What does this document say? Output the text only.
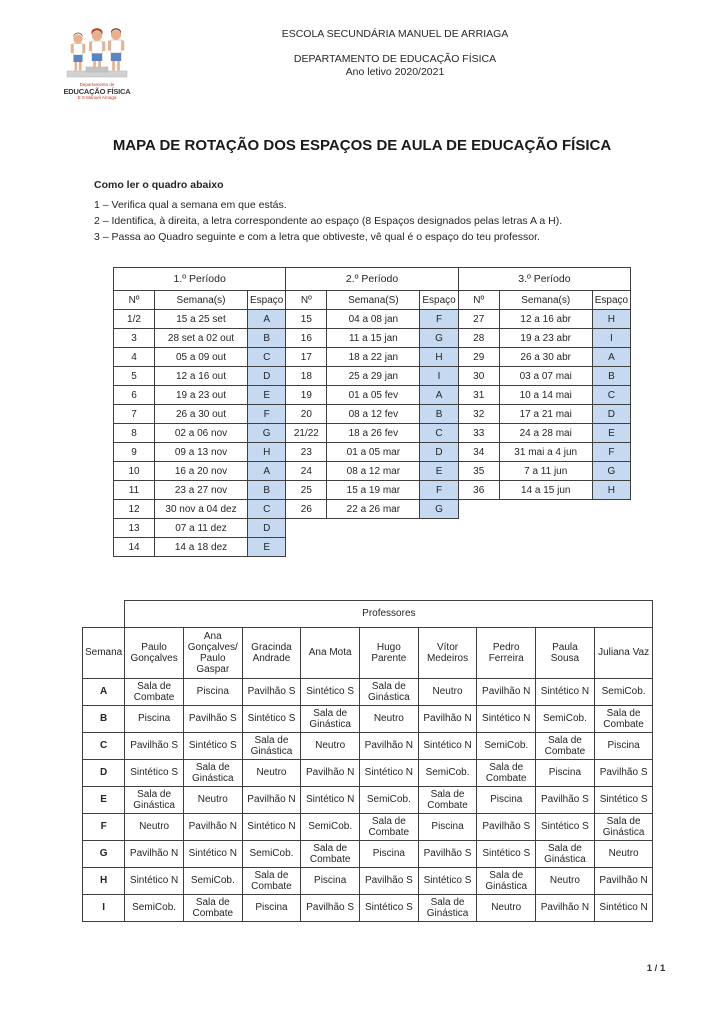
Departamento de
EDUCAÇÃO FÍSICA
E S Manuel Arriaga
ESCOLA SECUNDÁRIA MANUEL DE ARRIAGA
DEPARTAMENTO DE EDUCAÇÃO FÍSICA
Ano letivo 2020/2021
MAPA DE ROTAÇÃO DOS ESPAÇOS DE AULA DE EDUCAÇÃO FÍSICA
Como ler o quadro abaixo
1 – Verifica qual a semana em que estás.
2 – Identifica, à direita, a letra correspondente ao espaço (8 Espaços designados pelas letras A a H).
3 – Passa ao Quadro seguinte e com a letra que obtiveste, vê qual é o espaço do teu professor.
1.º Período		
Nº	Semana(s)	Espaço
1/2	15 a 25 set	A
3	28 set a 02 out	B
4	05 a 09 out	C
5	12 a 16 out	D
6	19 a 23 out	E
7	26 a 30 out	F
8	02 a 06 nov	G
9	09 a 13 nov	H
10	16 a 20 nov	A
11	23 a 27 nov	B
12	30 nov a 04 dez	C
13	07 a 11 dez	D
14	14 a 18 dez	E
2.º Período		
Nº	Semana(S)	Espaço
15	04 a 08 jan	F
16	11 a 15 jan	G
17	18 a 22 jan	H
18	25 a 29 jan	I
19	01 a 05 fev	A
20	08 a 12 fev	B
21/22	18 a 26 fev	C
23	01 a 05 mar	D
24	08 a 12 mar	E
25	15 a 19 mar	F
26	22 a 26 mar	G
3.º Período		
Nº	Semana(s)	Espaço
27	12 a 16 abr	H
28	19 a 23 abr	I
29	26 a 30 abr	A
30	03 a 07 mai	B
31	10 a 14 mai	C
32	17 a 21 mai	D
33	24 a 28 mai	E
34	31 mai a 4 jun	F
35	7 a 11 jun	G
36	14 a 15 jun	H
	Professores								
Semana	Paulo Gonçalves	Ana Gonçalves/ Paulo Gaspar	Gracinda Andrade	Ana Mota	Hugo Parente	Vítor Medeiros	Pedro Ferreira	Paula Sousa	Juliana Vaz
A	Sala de Combate	Piscina	Pavilhão S	Sintético S	Sala de Ginástica	Neutro	Pavilhão N	Sintético N	SemiCob.
B	Piscina	Pavilhão S	Sintético S	Sala de Ginástica	Neutro	Pavilhão N	Sintético N	SemiCob.	Sala de Combate
C	Pavilhão S	Sintético S	Sala de Ginástica	Neutro	Pavilhão N	Sintético N	SemiCob.	Sala de Combate	Piscina
D	Sintético S	Sala de Ginástica	Neutro	Pavilhão N	Sintético N	SemiCob.	Sala de Combate	Piscina	Pavilhão S
E	Sala de Ginástica	Neutro	Pavilhão N	Sintético N	SemiCob.	Sala de Combate	Piscina	Pavilhão S	Sintético S
F	Neutro	Pavilhão N	Sintético N	SemiCob.	Sala de Combate	Piscina	Pavilhão S	Sintético S	Sala de Ginástica
G	Pavilhão N	Sintético N	SemiCob.	Sala de Combate	Piscina	Pavilhão S	Sintético S	Sala de Ginástica	Neutro
H	Sintético N	SemiCob.	Sala de Combate	Piscina	Pavilhão S	Sintético S	Sala de Ginástica	Neutro	Pavilhão N
I	SemiCob.	Sala de Combate	Piscina	Pavilhão S	Sintético S	Sala de Ginástica	Neutro	Pavilhão N	Sintético N
1 / 1
